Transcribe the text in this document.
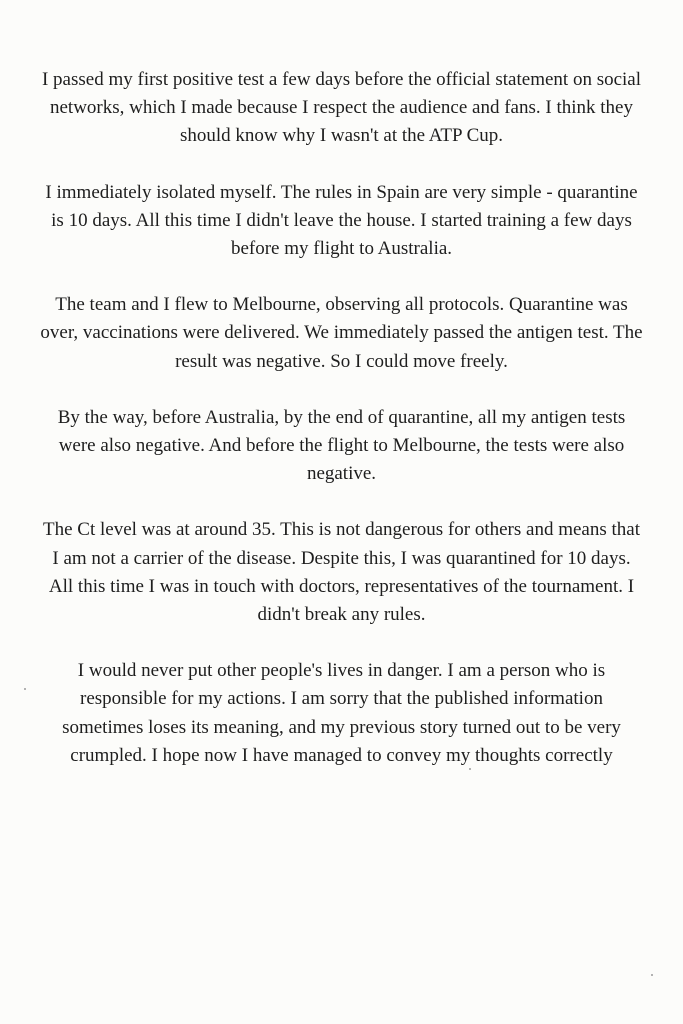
I passed my first positive test a few days before the official statement on social networks, which I made because I respect the audience and fans. I think they should know why I wasn't at the ATP Cup.

I immediately isolated myself. The rules in Spain are very simple - quarantine is 10 days. All this time I didn't leave the house. I started training a few days before my flight to Australia.

The team and I flew to Melbourne, observing all protocols. Quarantine was over, vaccinations were delivered. We immediately passed the antigen test. The result was negative. So I could move freely.

By the way, before Australia, by the end of quarantine, all my antigen tests were also negative. And before the flight to Melbourne, the tests were also negative.

The Ct level was at around 35. This is not dangerous for others and means that I am not a carrier of the disease. Despite this, I was quarantined for 10 days. All this time I was in touch with doctors, representatives of the tournament. I didn't break any rules.

I would never put other people's lives in danger. I am a person who is responsible for my actions. I am sorry that the published information sometimes loses its meaning, and my previous story turned out to be very crumpled. I hope now I have managed to convey my thoughts correctly
